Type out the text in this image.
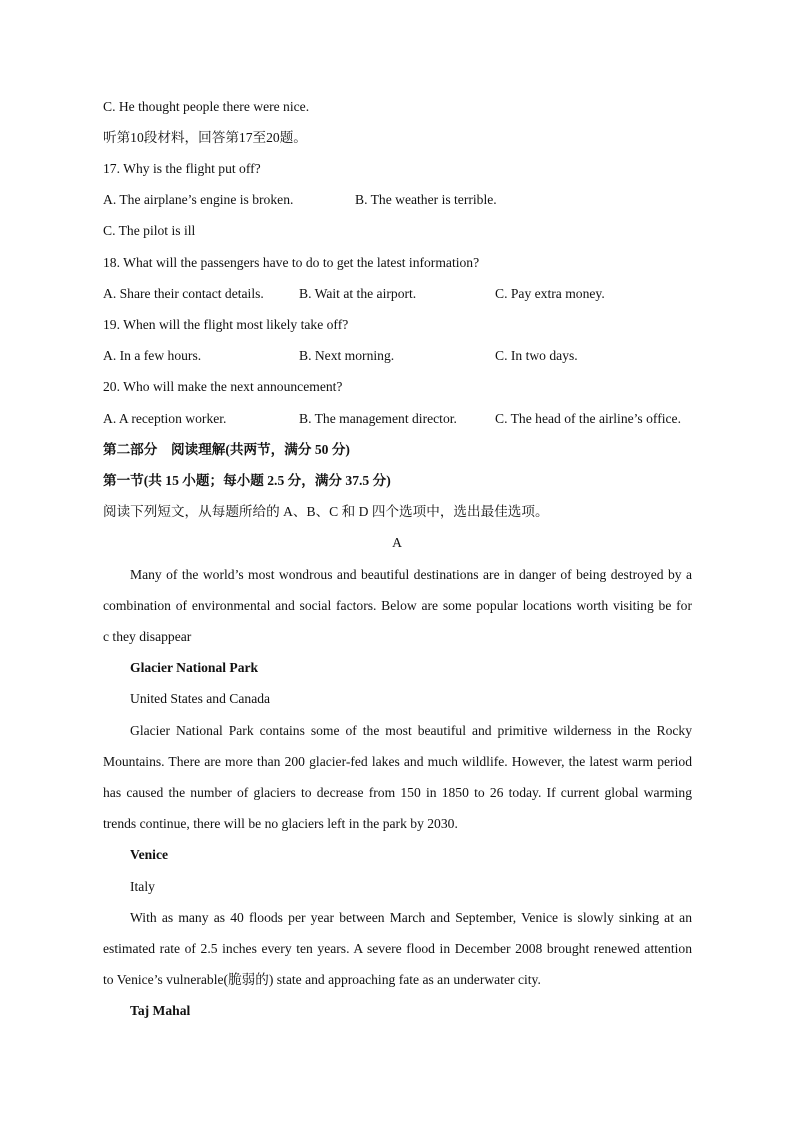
C. He thought people there were nice.
听第10段材料，回答第17至20题。
17. Why is the flight put off?
A. The airplane’s engine is broken.	B. The weather is terrible.
C. The pilot is ill
18. What will the passengers have to do to get the latest information?
A. Share their contact details.	B. Wait at the airport.	C. Pay extra money.
19. When will the flight most likely take off?
A. In a few hours.	B. Next morning.	C. In two days.
20. Who will make the next announcement?
A. A reception worker.	B. The management director.	C. The head of the airline’s office.
第二部分　阅读理解(共两节，满分 50 分)
第一节(共 15 小题；每小题 2.5 分，满分 37.5 分)
阅读下列短文，从每题所给的 A、B、C 和 D 四个选项中，选出最佳选项。
A
Many of the world’s most wondrous and beautiful destinations are in danger of being destroyed by a
combination of environmental and social factors. Below are some popular locations worth visiting be for
c they disappear
Glacier National Park
United States and Canada
Glacier National Park contains some of the most beautiful and primitive wilderness in the Rocky
Mountains. There are more than 200 glacier-fed lakes and much wildlife. However, the latest warm period
has caused the number of glaciers to decrease from 150 in 1850 to 26 today. If current global warming
trends continue, there will be no glaciers left in the park by 2030.
Venice
Italy
With as many as 40 floods per year between March and September, Venice is slowly sinking at an
estimated rate of 2.5 inches every ten years. A severe flood in December 2008 brought renewed attention
to Venice’s vulnerable(脆弱的) state and approaching fate as an underwater city.
Taj Mahal
